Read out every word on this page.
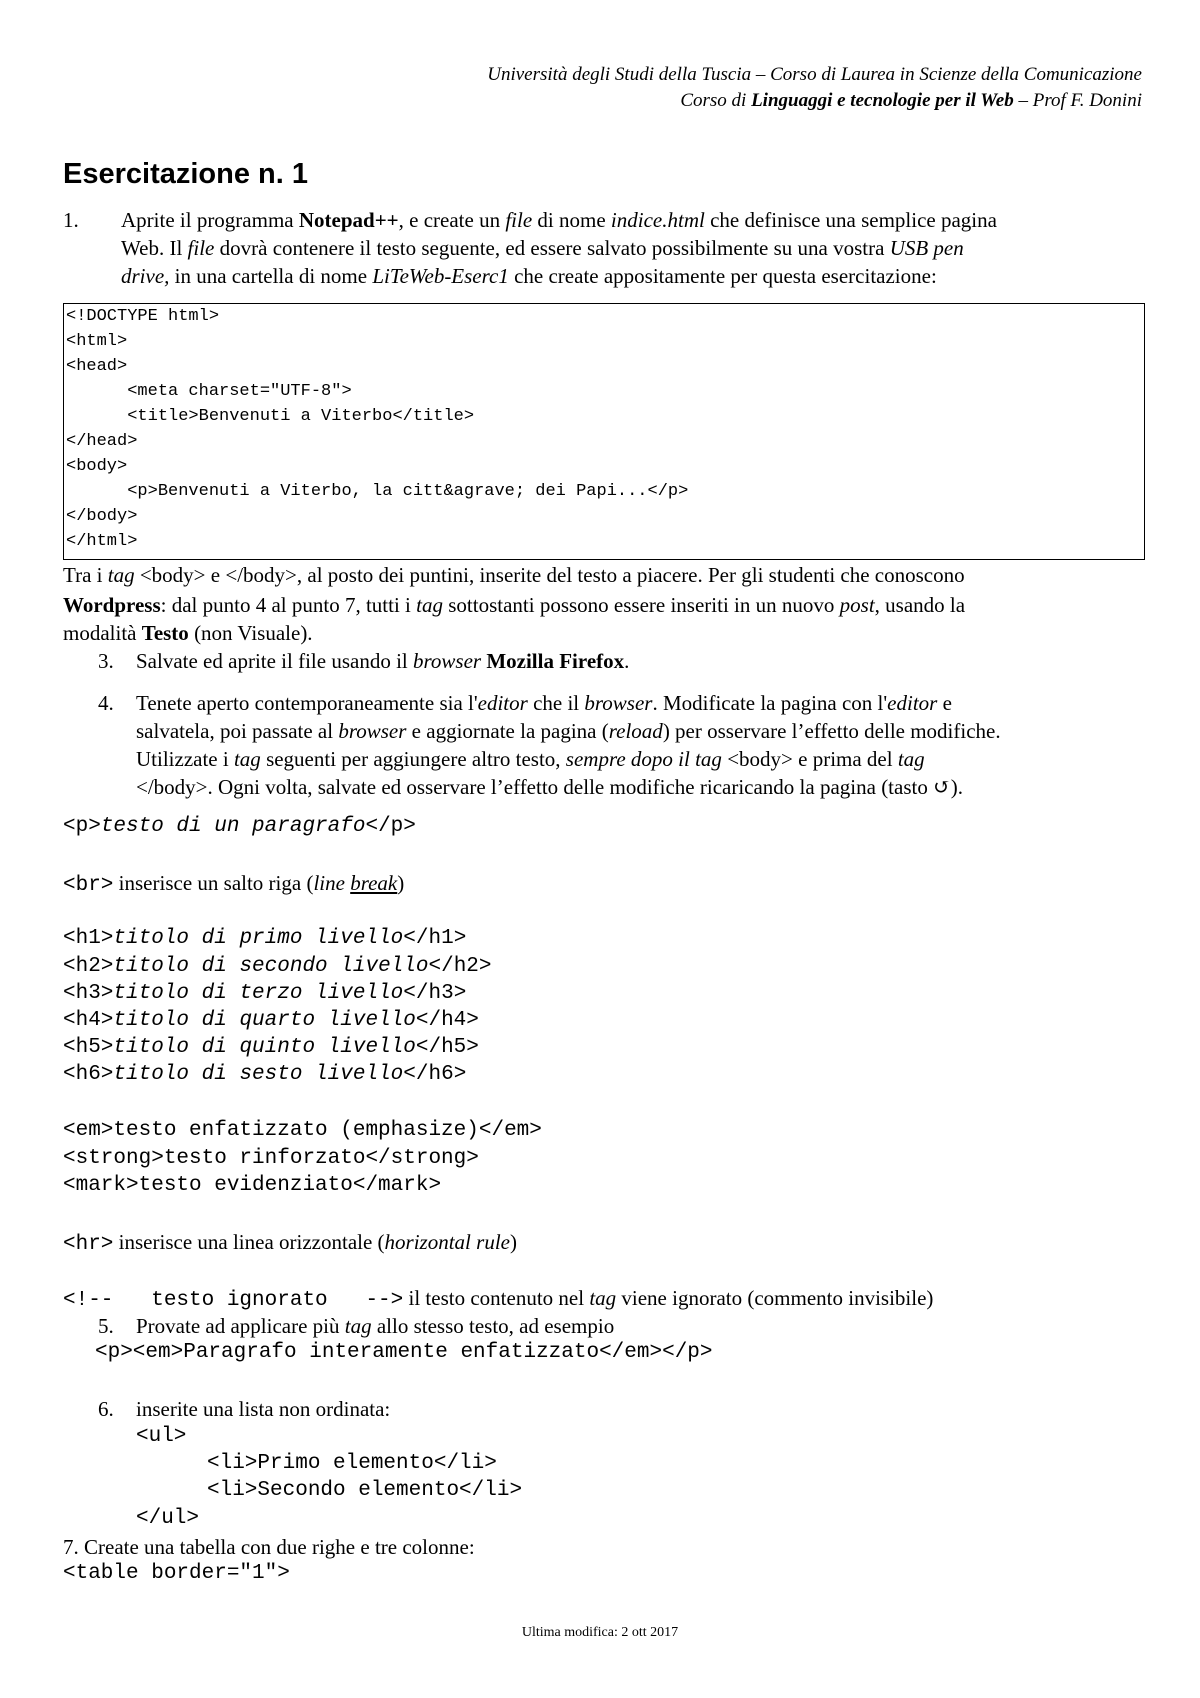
Università degli Studi della Tuscia – Corso di Laurea in Scienze della Comunicazione
Corso di Linguaggi e tecnologie per il Web – Prof F. Donini
Esercitazione n. 1
1. Aprite il programma Notepad++, e create un file di nome indice.html che definisce una semplice pagina
Web. Il file dovrà contenere il testo seguente, ed essere salvato possibilmente su una vostra USB pen
drive, in una cartella di nome LiTeWeb-Eserc1 che create appositamente per questa esercitazione:
<!DOCTYPE html>
<html>
<head>
<meta charset="UTF-8">
<title>Benvenuti a Viterbo</title>
</head>
<body>
<p>Benvenuti a Viterbo, la citt&agrave; dei Papi...</p>
</body>
</html>
Tra i tag <body> e </body>, al posto dei puntini, inserite del testo a piacere. Per gli studenti che conoscono
Wordpress: dal punto 4 al punto 7, tutti i tag sottostanti possono essere inseriti in un nuovo post, usando la
modalità Testo (non Visuale).
3. Salvate ed aprite il file usando il browser Mozilla Firefox.
4. Tenete aperto contemporaneamente sia l'editor che il browser. Modificate la pagina con l'editor e
salvatela, poi passate al browser e aggiornate la pagina (reload) per osservare l’effetto delle modifiche.
Utilizzate i tag seguenti per aggiungere altro testo, sempre dopo il tag <body> e prima del tag
</body>. Ogni volta, salvate ed osservare l’effetto delle modifiche ricaricando la pagina (tasto ↺).
<p>testo di un paragrafo</p>
<br> inserisce un salto riga (line break)
<h1>titolo di primo livello</h1>
<h2>titolo di secondo livello</h2>
<h3>titolo di terzo livello</h3>
<h4>titolo di quarto livello</h4>
<h5>titolo di quinto livello</h5>
<h6>titolo di sesto livello</h6>
<em>testo enfatizzato (emphasize)</em>
<strong>testo rinforzato</strong>
<mark>testo evidenziato</mark>
<hr> inserisce una linea orizzontale (horizontal rule)
<!--   testo ignorato   --> il testo contenuto nel tag viene ignorato (commento invisibile)
5. Provate ad applicare più tag allo stesso testo, ad esempio
<p><em>Paragrafo interamente enfatizzato</em></p>
6. inserite una lista non ordinata:
<ul>
<li>Primo elemento</li>
<li>Secondo elemento</li>
</ul>
7. Create una tabella con due righe e tre colonne:
<table border="1">
Ultima modifica: 2 ott 2017
